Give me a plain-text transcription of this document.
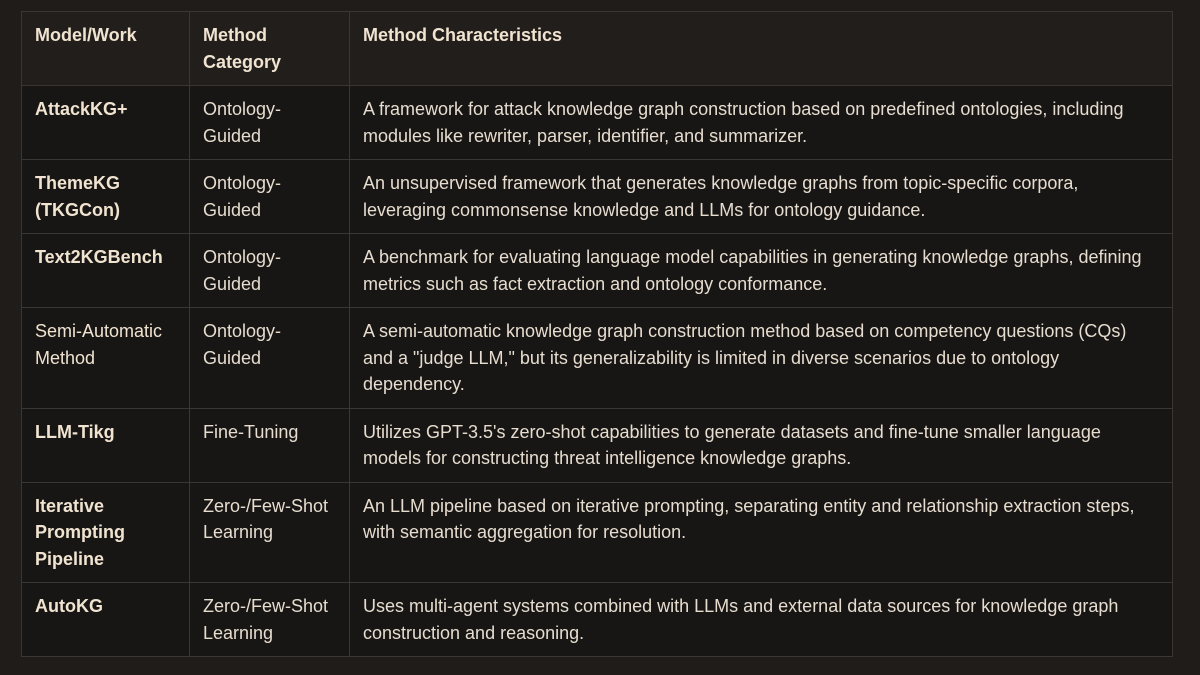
Model/Work	Method Category	Method Characteristics
AttackKG+	Ontology-Guided	A framework for attack knowledge graph construction based on predefined ontologies, including modules like rewriter, parser, identifier, and summarizer.
ThemeKG (TKGCon)	Ontology-Guided	An unsupervised framework that generates knowledge graphs from topic-specific corpora, leveraging commonsense knowledge and LLMs for ontology guidance.
Text2KGBench	Ontology-Guided	A benchmark for evaluating language model capabilities in generating knowledge graphs, defining metrics such as fact extraction and ontology conformance.
Semi-Automatic Method	Ontology-Guided	A semi-automatic knowledge graph construction method based on competency questions (CQs) and a "judge LLM," but its generalizability is limited in diverse scenarios due to ontology dependency.
LLM-Tikg	Fine-Tuning	Utilizes GPT-3.5's zero-shot capabilities to generate datasets and fine-tune smaller language models for constructing threat intelligence knowledge graphs.
Iterative Prompting Pipeline	Zero-/Few-Shot Learning	An LLM pipeline based on iterative prompting, separating entity and relationship extraction steps, with semantic aggregation for resolution.
AutoKG	Zero-/Few-Shot Learning	Uses multi-agent systems combined with LLMs and external data sources for knowledge graph construction and reasoning.
